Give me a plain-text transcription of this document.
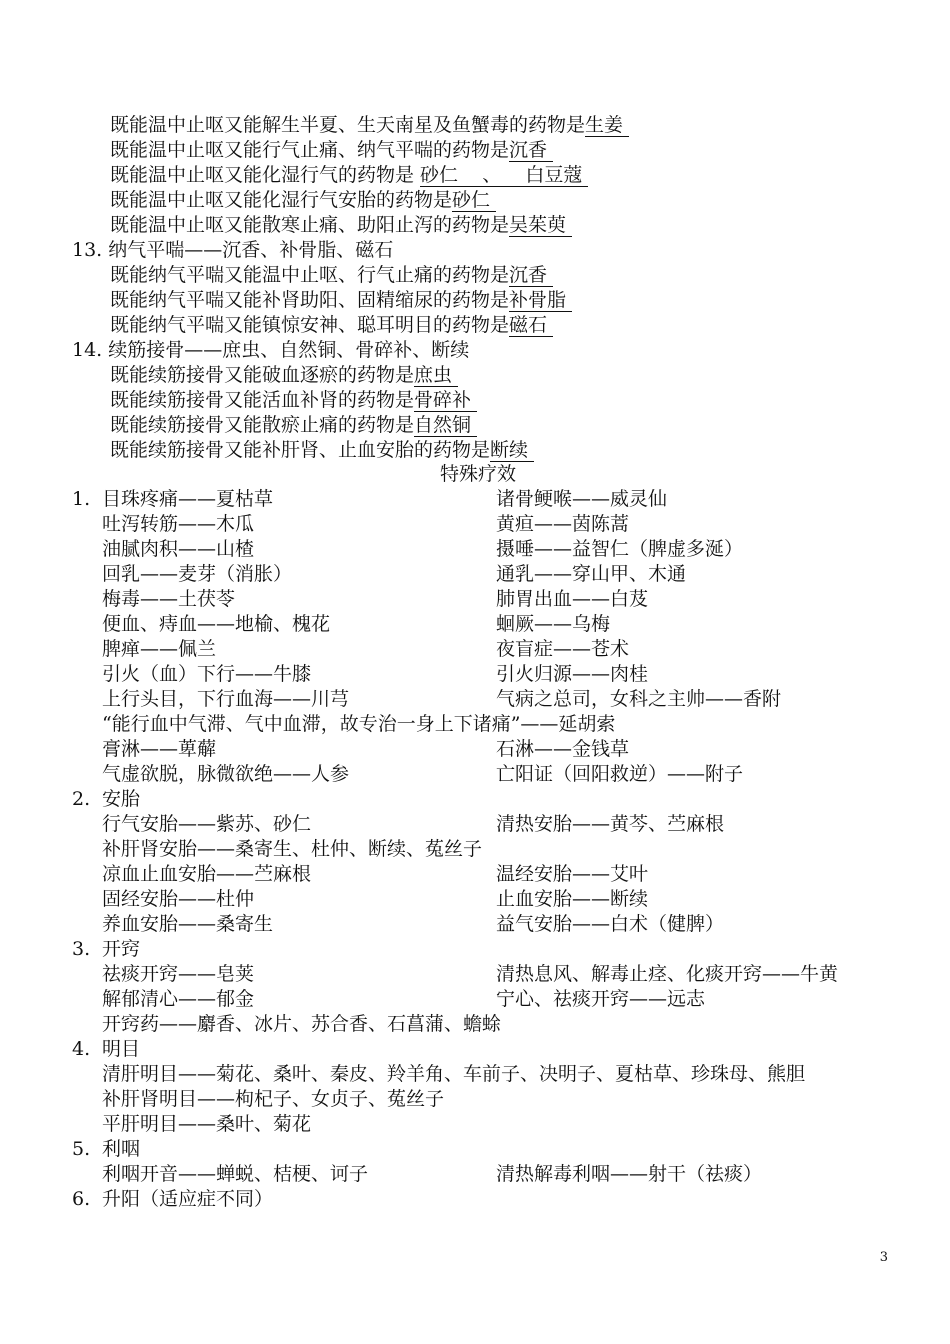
既能温中止呕又能解生半夏、生天南星及鱼蟹毒的药物是生姜
既能温中止呕又能行气止痛、纳气平喘的药物是沉香
既能温中止呕又能化湿行气的药物是 砂仁    、    白豆蔻
既能温中止呕又能化湿行气安胎的药物是砂仁
既能温中止呕又能散寒止痛、助阳止泻的药物是吴茱萸
13. 纳气平喘——沉香、补骨脂、磁石
既能纳气平喘又能温中止呕、行气止痛的药物是沉香
既能纳气平喘又能补肾助阳、固精缩尿的药物是补骨脂
既能纳气平喘又能镇惊安神、聪耳明目的药物是磁石
14. 续筋接骨——庶虫、自然铜、骨碎补、断续
既能续筋接骨又能破血逐瘀的药物是庶虫
既能续筋接骨又能活血补肾的药物是骨碎补
既能续筋接骨又能散瘀止痛的药物是自然铜
既能续筋接骨又能补肝肾、止血安胎的药物是断续
特殊疗效
1. 目珠疼痛——夏枯草	诸骨鲠喉——威灵仙
吐泻转筋——木瓜	黄疸——茵陈蒿
油腻肉积——山楂	摄唾——益智仁（脾虚多涎）
回乳——麦芽（消胀）	通乳——穿山甲、木通
梅毒——土茯苓	肺胃出血——白芨
便血、痔血——地榆、槐花	蛔厥——乌梅
脾瘅——佩兰	夜盲症——苍术
引火（血）下行——牛膝	引火归源——肉桂
上行头目，下行血海——川芎	气病之总司，女科之主帅——香附
“能行血中气滞、气中血滞，故专治一身上下诸痛”——延胡索
膏淋——萆薢	石淋——金钱草
气虚欲脱，脉微欲绝——人参	亡阳证（回阳救逆）——附子
2. 安胎
行气安胎——紫苏、砂仁	清热安胎——黄芩、苎麻根
补肝肾安胎——桑寄生、杜仲、断续、菟丝子
凉血止血安胎——苎麻根	温经安胎——艾叶
固经安胎——杜仲	止血安胎——断续
养血安胎——桑寄生	益气安胎——白术（健脾）
3. 开窍
祛痰开窍——皂荚	清热息风、解毒止痉、化痰开窍——牛黄
解郁清心——郁金	宁心、祛痰开窍——远志
开窍药——麝香、冰片、苏合香、石菖蒲、蟾蜍
4. 明目
清肝明目——菊花、桑叶、秦皮、羚羊角、车前子、决明子、夏枯草、珍珠母、熊胆
补肝肾明目——枸杞子、女贞子、菟丝子
平肝明目——桑叶、菊花
5. 利咽
利咽开音——蝉蜕、桔梗、诃子	清热解毒利咽——射干（祛痰）
6. 升阳（适应症不同）
3
